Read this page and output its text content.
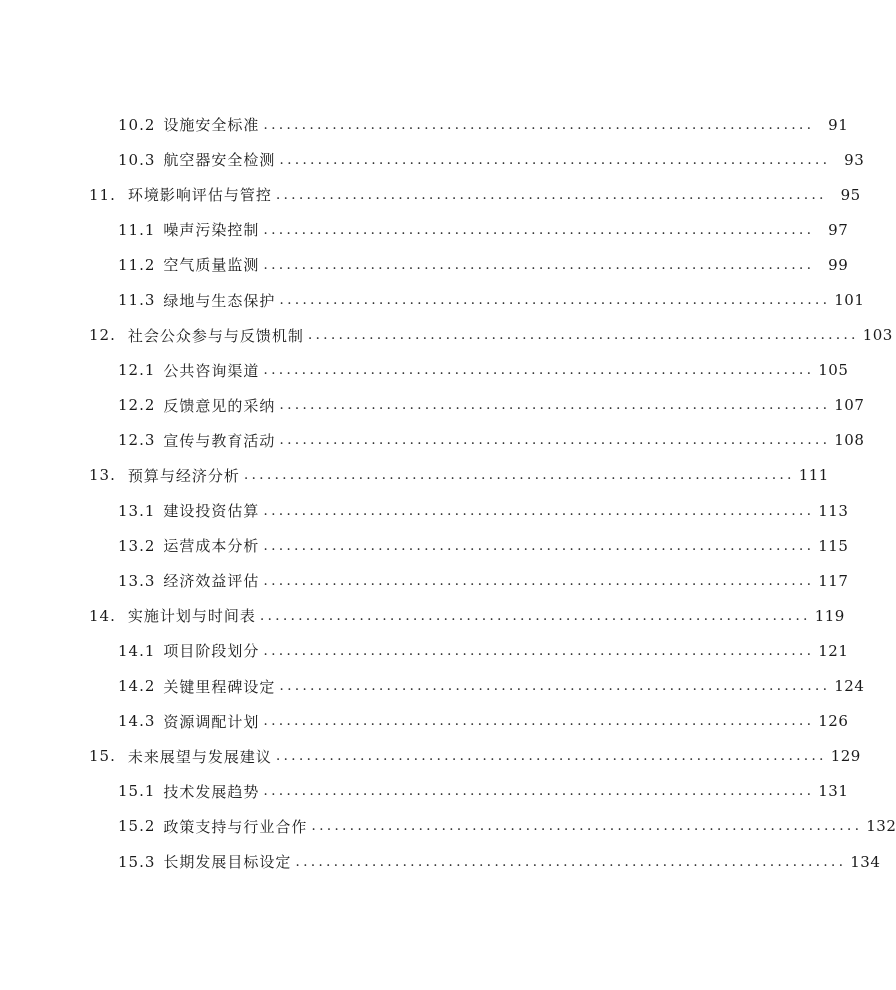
10.2 设施安全标准 ........................................................................ 91
10.3 航空器安全检测 ........................................................................ 93
11. 环境影响评估与管控 ........................................................................ 95
11.1 噪声污染控制 ........................................................................ 97
11.2 空气质量监测 ........................................................................ 99
11.3 绿地与生态保护 ........................................................................ 101
12. 社会公众参与与反馈机制 ........................................................................ 103
12.1 公共咨询渠道 ........................................................................ 105
12.2 反馈意见的采纳 ........................................................................ 107
12.3 宣传与教育活动 ........................................................................ 108
13. 预算与经济分析 ........................................................................ 111
13.1 建设投资估算 ........................................................................ 113
13.2 运营成本分析 ........................................................................ 115
13.3 经济效益评估 ........................................................................ 117
14. 实施计划与时间表 ........................................................................ 119
14.1 项目阶段划分 ........................................................................ 121
14.2 关键里程碑设定 ........................................................................ 124
14.3 资源调配计划 ........................................................................ 126
15. 未来展望与发展建议 ........................................................................ 129
15.1 技术发展趋势 ........................................................................ 131
15.2 政策支持与行业合作 ........................................................................ 132
15.3 长期发展目标设定 ........................................................................ 134
